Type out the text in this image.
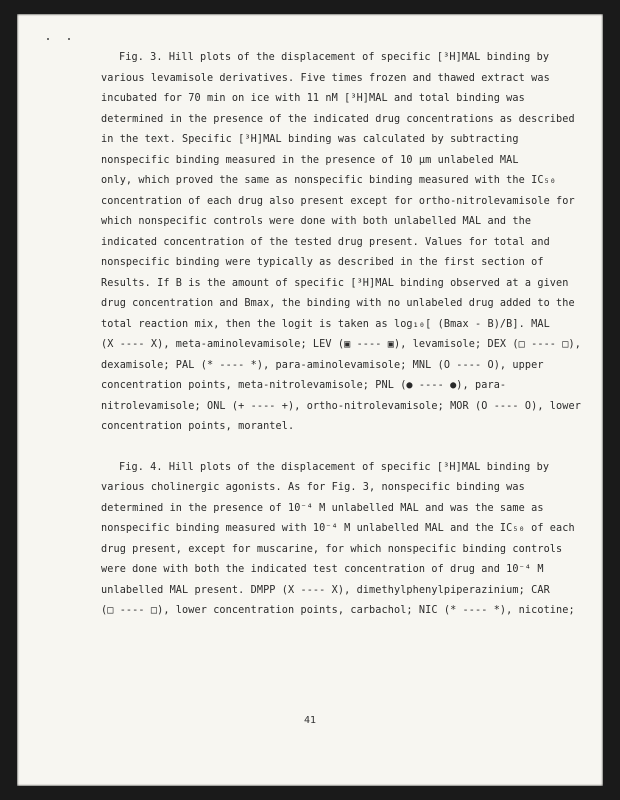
Fig. 3. Hill plots of the displacement of specific [³H]MAL binding by
various levamisole derivatives. Five times frozen and thawed extract was
incubated for 70 min on ice with 11 nM [³H]MAL and total binding was
determined in the presence of the indicated drug concentrations as described
in the text. Specific [³H]MAL binding was calculated by subtracting
nonspecific binding measured in the presence of 10 μm unlabeled MAL
only, which proved the same as nonspecific binding measured with the IC₅₀
concentration of each drug also present except for ortho-nitrolevamisole for
which nonspecific controls were done with both unlabelled MAL and the
indicated concentration of the tested drug present. Values for total and
nonspecific binding were typically as described in the first section of
Results. If B is the amount of specific [³H]MAL binding observed at a given
drug concentration and Bmax, the binding with no unlabeled drug added to the
total reaction mix, then the logit is taken as log₁₀[ (Bmax - B)/B]. MAL
(X ---- X), meta-aminolevamisole; LEV (▣ ---- ▣), levamisole; DEX (□ ---- □),
dexamisole; PAL (* ---- *), para-aminolevamisole; MNL (O ---- O), upper
concentration points, meta-nitrolevamisole; PNL (● ---- ●), para-
nitrolevamisole; ONL (+ ---- +), ortho-nitrolevamisole; MOR (O ---- O), lower
concentration points, morantel.
Fig. 4. Hill plots of the displacement of specific [³H]MAL binding by
various cholinergic agonists. As for Fig. 3, nonspecific binding was
determined in the presence of 10⁻⁴ M unlabelled MAL and was the same as
nonspecific binding measured with 10⁻⁴ M unlabelled MAL and the IC₅₀ of each
drug present, except for muscarine, for which nonspecific binding controls
were done with both the indicated test concentration of drug and 10⁻⁴ M
unlabelled MAL present. DMPP (X ---- X), dimethylphenylpiperazinium; CAR
(□ ---- □), lower concentration points, carbachol; NIC (* ---- *), nicotine;
41
